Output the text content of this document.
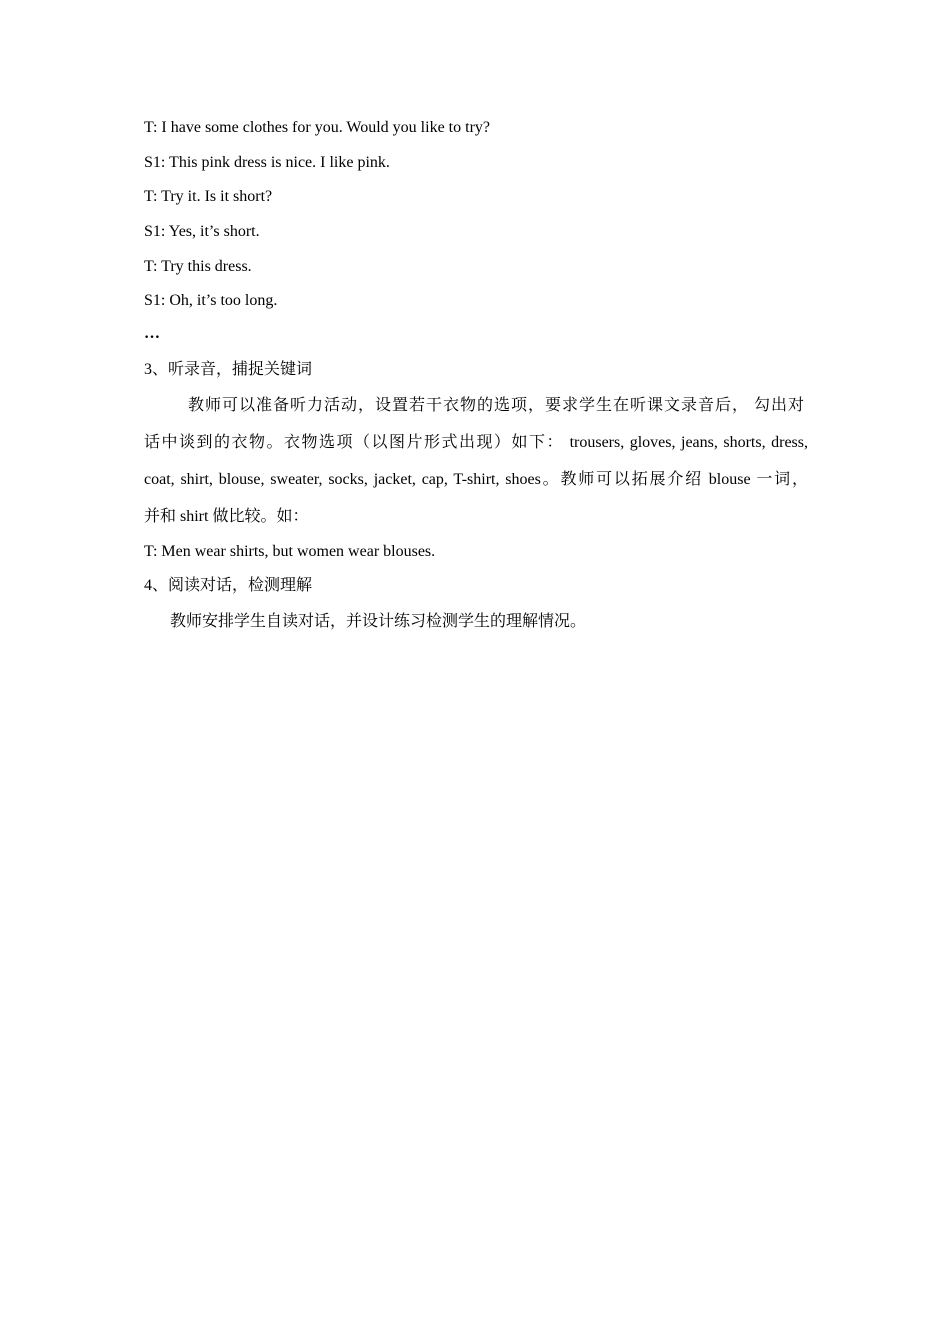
T: I have some clothes for you. Would you like to try?
S1: This pink dress is nice. I like pink.
T: Try it. Is it short?
S1: Yes, it’s short.
T: Try this dress.
S1: Oh, it’s too long.
…
3、听录音，捕捉关键词
教师可以准备听力活动，设置若干衣物的选项，要求学生在听课文录音后， 勾出对
话中谈到的衣物。衣物选项（以图片形式出现）如下： trousers, gloves, jeans, shorts, dress,
coat, shirt, blouse, sweater, socks, jacket, cap, T-shirt, shoes。教师可以拓展介绍 blouse 一词，
并和 shirt 做比较。如：
T: Men wear shirts, but women wear blouses.
4、阅读对话，检测理解
教师安排学生自读对话，并设计练习检测学生的理解情况。
